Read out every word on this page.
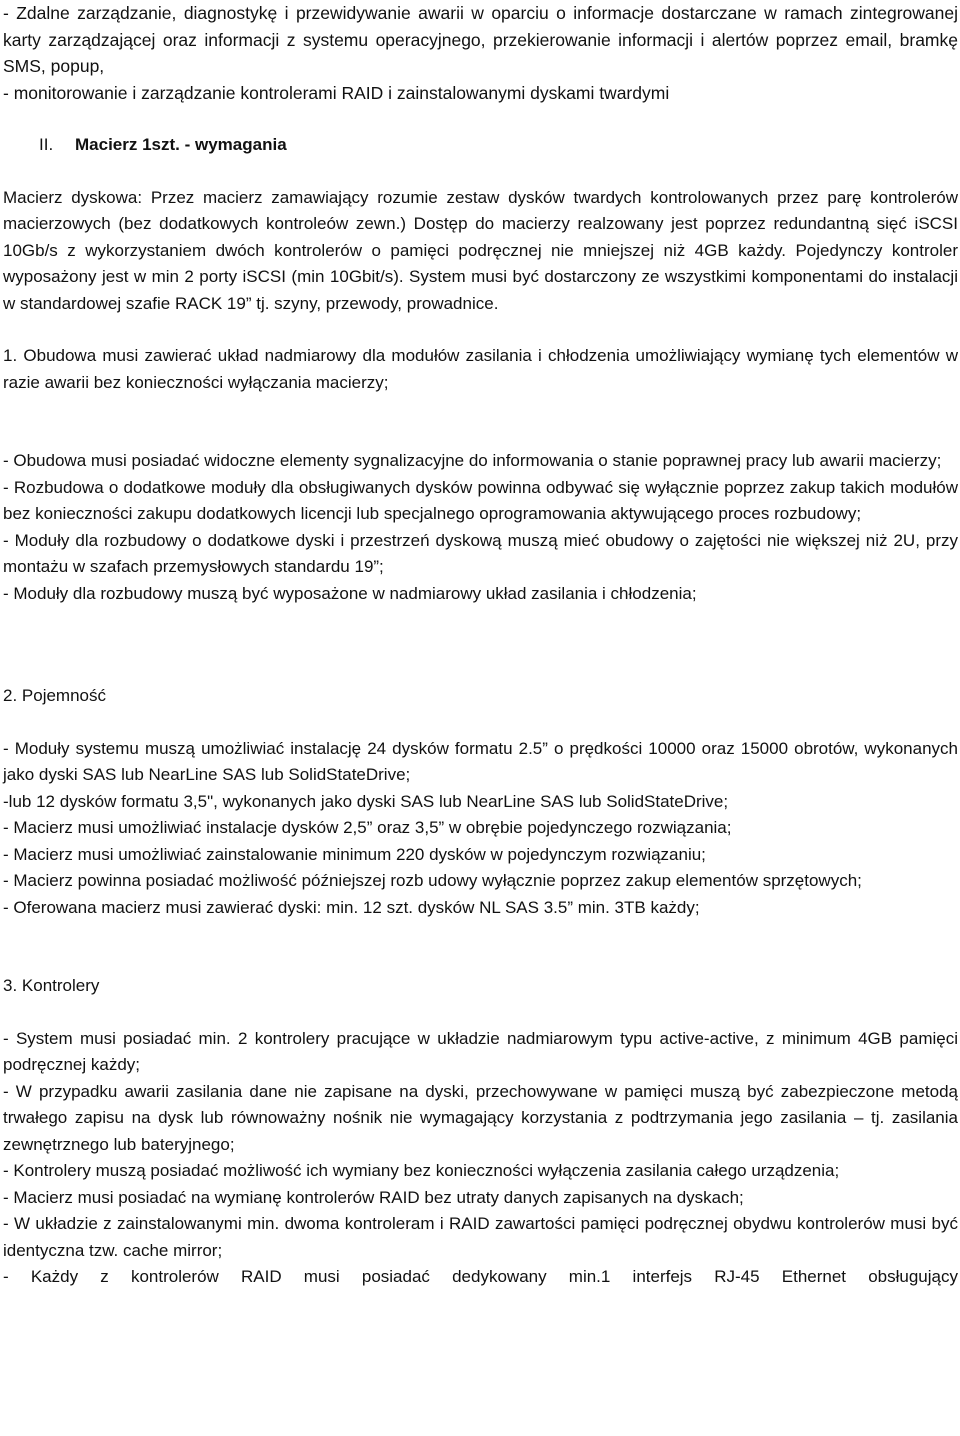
- Zdalne zarządzanie, diagnostykę i przewidywanie awarii w oparciu o informacje dostarczane w ramach zintegrowanej karty zarządzającej oraz informacji z systemu operacyjnego, przekierowanie informacji i alertów poprzez email, bramkę SMS, popup,

- monitorowanie i zarządzanie kontrolerami RAID i zainstalowanymi dyskami twardymi

II. Macierz 1szt. - wymagania

Macierz dyskowa: Przez macierz zamawiający rozumie zestaw dysków twardych kontrolowanych przez parę kontrolerów macierzowych (bez dodatkowych kontroleów zewn.) Dostęp do macierzy realzowany jest poprzez redundantną sięć iSCSI 10Gb/s z wykorzystaniem dwóch kontrolerów o pamięci podręcznej nie mniejszej niż 4GB każdy. Pojedynczy kontroler wyposażony jest w min 2 porty iSCSI (min 10Gbit/s). System musi być dostarczony ze wszystkimi komponentami do instalacji w standardowej szafie RACK 19” tj. szyny, przewody, prowadnice.

1. Obudowa musi zawierać układ nadmiarowy dla modułów zasilania i chłodzenia umożliwiający wymianę tych elementów w razie awarii bez konieczności wyłączania macierzy;

- Obudowa musi posiadać widoczne elementy sygnalizacyjne do informowania o stanie poprawnej pracy lub awarii macierzy;

- Rozbudowa o dodatkowe moduły dla obsługiwanych dysków powinna odbywać się wyłącznie poprzez zakup takich modułów bez konieczności zakupu dodatkowych licencji lub specjalnego oprogramowania aktywującego proces rozbudowy;

- Moduły dla rozbudowy o dodatkowe dyski i przestrzeń dyskową muszą mieć obudowy o zajętości nie większej niż 2U, przy montażu w szafach przemysłowych standardu 19”;

- Moduły dla rozbudowy muszą być wyposażone w nadmiarowy układ zasilania i chłodzenia;

2. Pojemność

- Moduły systemu muszą umożliwiać instalację 24 dysków formatu 2.5” o prędkości 10000 oraz 15000 obrotów, wykonanych jako dyski SAS lub NearLine SAS lub SolidStateDrive;

-lub 12 dysków formatu 3,5", wykonanych jako dyski SAS lub NearLine SAS lub SolidStateDrive;

- Macierz musi umożliwiać instalacje dysków 2,5” oraz 3,5” w obrębie pojedynczego rozwiązania;

- Macierz musi umożliwiać zainstalowanie minimum 220 dysków w pojedynczym rozwiązaniu;

- Macierz powinna posiadać możliwość późniejszej rozb udowy wyłącznie poprzez zakup elementów sprzętowych;

- Oferowana macierz musi zawierać dyski: min. 12 szt. dysków NL SAS 3.5” min. 3TB każdy;

3. Kontrolery

- System musi posiadać min. 2 kontrolery pracujące w układzie nadmiarowym typu active-active, z minimum 4GB pamięci podręcznej każdy;

- W przypadku awarii zasilania dane nie zapisane na dyski, przechowywane w pamięci muszą być zabezpieczone metodą trwałego zapisu na dysk lub równoważny nośnik nie wymagający korzystania z podtrzymania jego zasilania – tj. zasilania zewnętrznego lub bateryjnego;

- Kontrolery muszą posiadać możliwość ich wymiany bez konieczności wyłączenia zasilania całego urządzenia;

- Macierz musi posiadać na wymianę kontrolerów RAID bez utraty danych zapisanych na dyskach;

- W układzie z zainstalowanymi min. dwoma kontroleram i RAID zawartości pamięci podręcznej obydwu kontrolerów musi być identyczna tzw. cache mirror;

- Każdy z kontrolerów RAID musi posiadać dedykowany min.1 interfejs RJ-45 Ethernet obsługujący
